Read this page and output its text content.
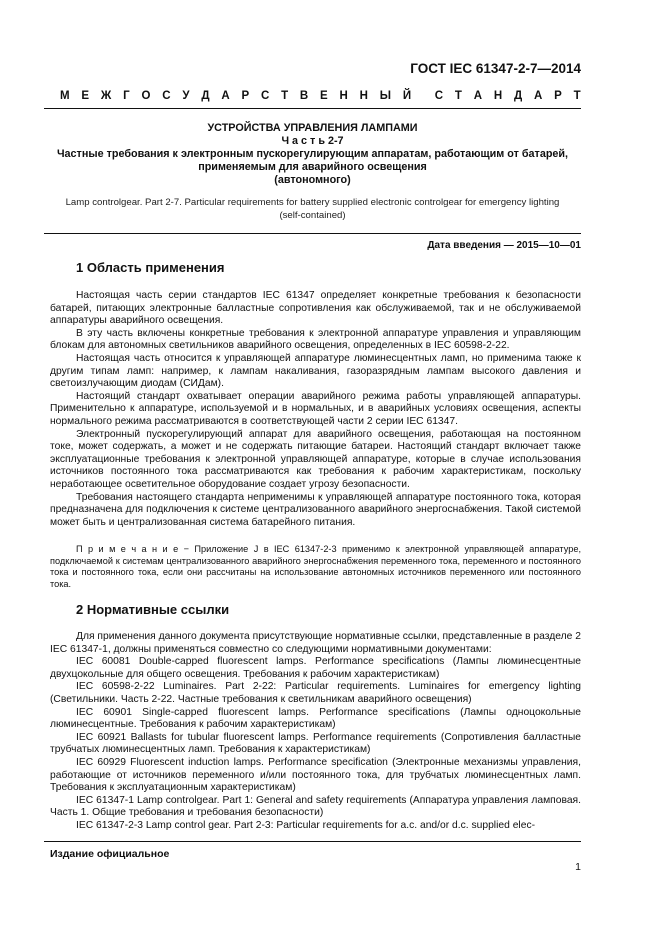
ГОСТ IEC 61347-2-7—2014
М Е Ж Г О С У Д А Р С Т В Е Н Н Ы Й С Т А Н Д А Р Т
УСТРОЙСТВА УПРАВЛЕНИЯ ЛАМПАМИ
Ч а с т ь 2-7
Частные требования к электронным пускорегулирующим аппаратам, работающим от батарей,
применяемым для аварийного освещения
(автономного)
Lamp controlgear. Part 2-7. Particular requirements for battery supplied electronic controlgear for emergency lighting
(self-contained)
Дата введения — 2015—10—01
1 Область применения

Настоящая часть серии стандартов IEC 61347 определяет конкретные требования к безопасности батарей, питающих электронные балластные сопротивления как обслуживаемой, так и не обслуживаемой аппаратуры аварийного освещения.

В эту часть включены конкретные требования к электронной аппаратуре управления и управляющим блокам для автономных светильников аварийного освещения, определенных в IEC 60598-2-22.

Настоящая часть относится к управляющей аппаратуре люминесцентных ламп, но применима также к другим типам ламп: например, к лампам накаливания, газоразрядным лампам высокого давления и светоизлучающим диодам (СИДам).

Настоящий стандарт охватывает операции аварийного режима работы управляющей аппаратуры. Применительно к аппаратуре, используемой и в нормальных, и в аварийных условиях освещения, аспекты нормального режима рассматриваются в соответствующей части 2 серии IEC 61347.

Электронный пускорегулирующий аппарат для аварийного освещения, работающая на постоянном токе, может содержать, а может и не содержать питающие батареи. Настоящий стандарт включает также эксплуатационные требования к электронной управляющей аппаратуре, которые в случае использования источников постоянного тока рассматриваются как требования к рабочим характеристикам, поскольку неработающее осветительное оборудование создает угрозу безопасности.

Требования настоящего стандарта неприменимы к управляющей аппаратуре постоянного тока, которая предназначена для подключения к системе централизованного аварийного энергоснабжения. Такой системой может быть и централизованная система батарейного питания.

П р и м е ч а н и е − Приложение J в IEC 61347-2-3 применимо к электронной управляющей аппаратуре, подключаемой к системам централизованного аварийного энергоснабжения переменного тока, переменного и постоянного тока и постоянного тока, если они рассчитаны на использование автономных источников переменного или постоянного тока.

2 Нормативные ссылки

Для применения данного документа присутствующие нормативные ссылки, представленные в разделе 2 IEC 61347-1, должны применяться совместно со следующими нормативными документами:

IEC 60081 Double-capped fluorescent lamps. Performance specifications (Лампы люминесцентные двухцокольные для общего освещения. Требования к рабочим характеристикам)

IEC 60598-2-22 Luminaires. Part 2-22: Particular requirements. Luminaires for emergency lighting (Светильники. Часть 2-22. Частные требования к светильникам аварийного освещения)

IEC 60901 Single-capped fluorescent lamps. Performance specifications (Лампы одноцокольные люминесцентные. Требования к рабочим характеристикам)

IEC 60921 Ballasts for tubular fluorescent lamps. Performance requirements (Сопротивления балластные трубчатых люминесцентных ламп. Требования к характеристикам)

IEC 60929 Fluorescent induction lamps. Performance specification (Электронные механизмы управления, работающие от источников переменного и/или постоянного тока, для трубчатых люминесцентных ламп. Требования к эксплуатационным характеристикам)

IEC 61347-1 Lamp controlgear. Part 1: General and safety requirements (Аппаратура управления ламповая. Часть 1. Общие требования и требования безопасности)

IEC 61347-2-3 Lamp control gear. Part 2-3: Particular requirements for a.c. and/or d.c. supplied elec-

Издание официальное
1
